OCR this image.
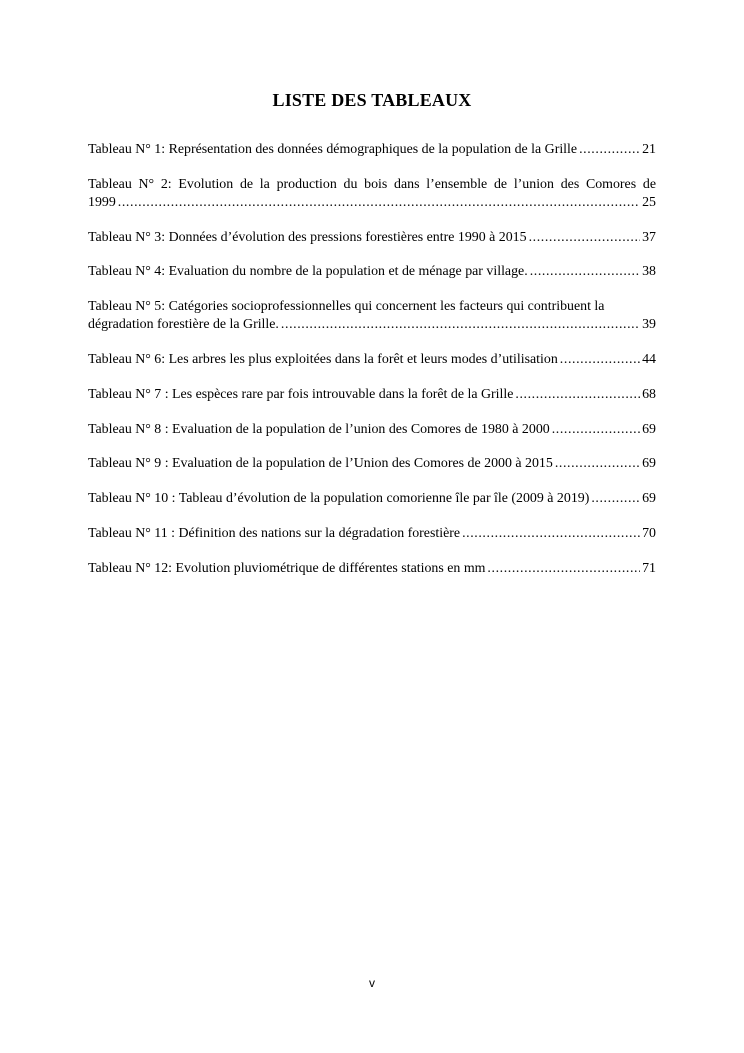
LISTE DES TABLEAUX
Tableau N° 1: Représentation des données démographiques de la population de la Grille .....	21
Tableau N° 2: Evolution de la production du bois dans l’ensemble de l’union des Comores de
1999 .....	25
Tableau N° 3: Données d’évolution des pressions forestières entre 1990 à 2015 .....	37
Tableau N° 4: Evaluation du nombre de la population et de ménage par village. .....	38
Tableau N° 5: Catégories socioprofessionnelles qui concernent les facteurs qui contribuent la
dégradation forestière de la Grille. .....	39
Tableau N° 6: Les arbres les plus exploitées dans la forêt et leurs modes d’utilisation .....	44
Tableau N° 7 : Les espèces rare par fois introuvable dans la forêt de la Grille .....	68
Tableau N° 8 : Evaluation de la population de l’union des Comores de 1980 à 2000 .....	69
Tableau N° 9 : Evaluation de la population de l’Union des Comores de 2000 à 2015 .....	69
Tableau N° 10 : Tableau d’évolution de la population comorienne île par île (2009 à 2019) .....	69
Tableau N° 11 : Définition des nations sur la dégradation forestière .....	70
Tableau N° 12: Evolution pluviométrique de différentes stations en mm .....	71
v
